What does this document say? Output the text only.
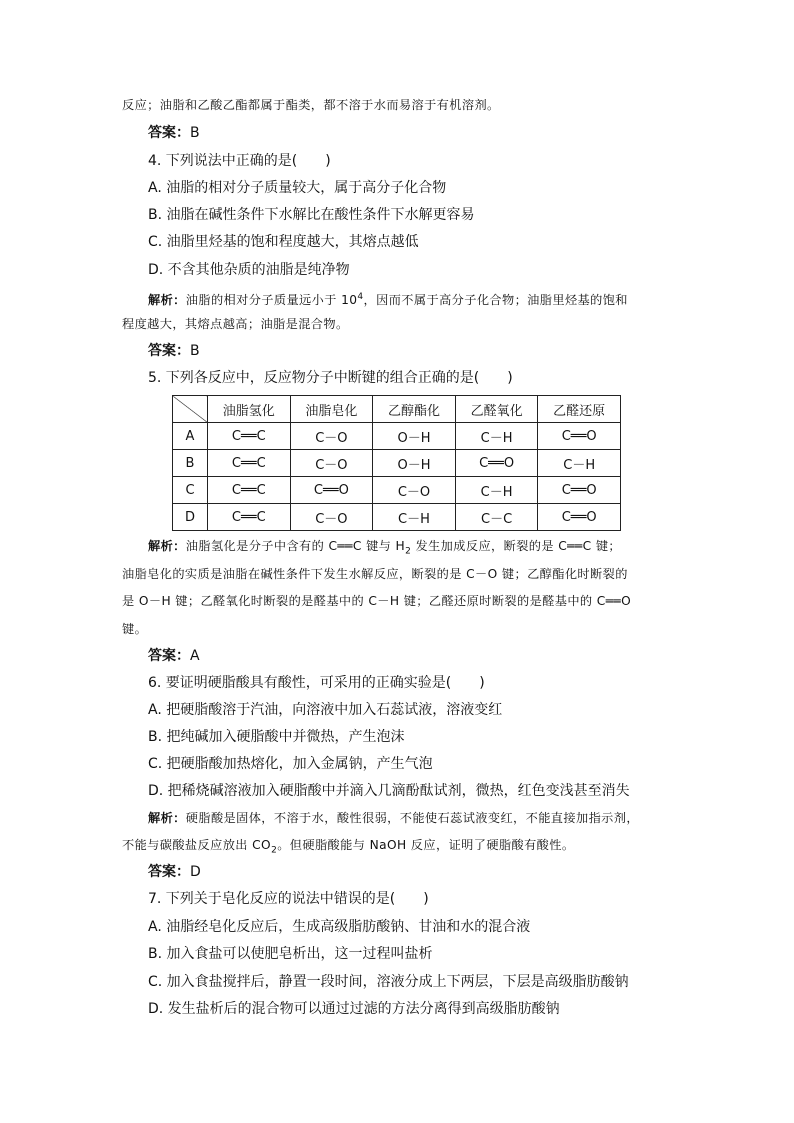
反应；油脂和乙酸乙酯都属于酯类，都不溶于水而易溶于有机溶剂。
答案：B
4. 下列说法中正确的是(　　)
A. 油脂的相对分子质量较大，属于高分子化合物
B. 油脂在碱性条件下水解比在酸性条件下水解更容易
C. 油脂里烃基的饱和程度越大，其熔点越低
D. 不含其他杂质的油脂是纯净物
解析：油脂的相对分子质量远小于 $10^4$，因而不属于高分子化合物；油脂里烃基的饱和
程度越大，其熔点越高；油脂是混合物。
答案：B
5. 下列各反应中，反应物分子中断键的组合正确的是(　　)
	油脂氢化	油脂皂化	乙醇酯化	乙醛氧化	乙醛还原
A	C══C	C－O	O－H	C－H	C══O
B	C══C	C－O	O－H	C══O	C－H
C	C══C	C══O	C－O	C－H	C══O
D	C══C	C－O	C－H	C－C	C══O
解析：油脂氢化是分子中含有的 C══C 键与 $H_2$ 发生加成反应，断裂的是 C══C 键；
油脂皂化的实质是油脂在碱性条件下发生水解反应，断裂的是 C－O 键；乙醇酯化时断裂的
是 O－H 键；乙醛氧化时断裂的是醛基中的 C－H 键；乙醛还原时断裂的是醛基中的 C══O
键。
答案：A
6. 要证明硬脂酸具有酸性，可采用的正确实验是(　　)
A. 把硬脂酸溶于汽油，向溶液中加入石蕊试液，溶液变红
B. 把纯碱加入硬脂酸中并微热，产生泡沫
C. 把硬脂酸加热熔化，加入金属钠，产生气泡
D. 把稀烧碱溶液加入硬脂酸中并滴入几滴酚酞试剂，微热，红色变浅甚至消失
解析：硬脂酸是固体，不溶于水，酸性很弱，不能使石蕊试液变红，不能直接加指示剂，
不能与碳酸盐反应放出 $CO_2$。但硬脂酸能与 NaOH 反应，证明了硬脂酸有酸性。
答案：D
7. 下列关于皂化反应的说法中错误的是(　　)
A. 油脂经皂化反应后，生成高级脂肪酸钠、甘油和水的混合液
B. 加入食盐可以使肥皂析出，这一过程叫盐析
C. 加入食盐搅拌后，静置一段时间，溶液分成上下两层，下层是高级脂肪酸钠
D. 发生盐析后的混合物可以通过过滤的方法分离得到高级脂肪酸钠
